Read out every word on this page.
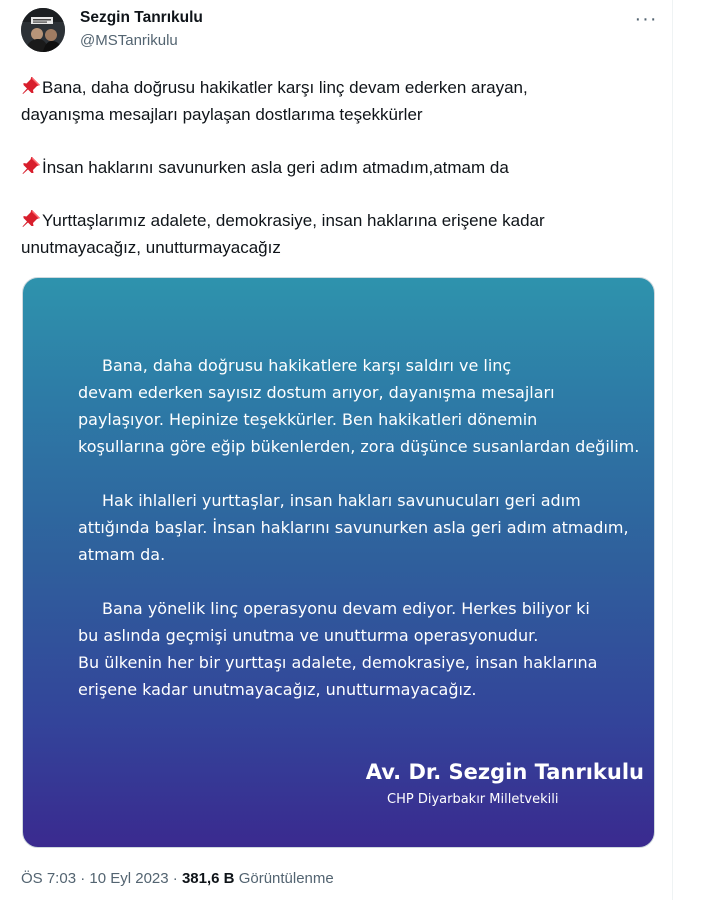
Sezgin Tanrıkulu
@MSTanrikulu
···

Bana, daha doğrusu hakikatler karşı linç devam ederken arayan,
dayanışma mesajları paylaşan dostlarıma teşekkürler

İnsan haklarını savunurken asla geri adım atmadım,atmam da

Yurttaşlarımız adalete, demokrasiye, insan haklarına erişene kadar
unutmayacağız, unutturmayacağız

Bana, daha doğrusu hakikatlere karşı saldırı ve linç
devam ederken sayısız dostum arıyor, dayanışma mesajları
paylaşıyor. Hepinize teşekkürler. Ben hakikatleri dönemin
koşullarına göre eğip bükenlerden, zora düşünce susanlardan değilim.

Hak ihlalleri yurttaşlar, insan hakları savunucuları geri adım
attığında başlar. İnsan haklarını savunurken asla geri adım atmadım,
atmam da.

Bana yönelik linç operasyonu devam ediyor. Herkes biliyor ki
bu aslında geçmişi unutma ve unutturma operasyonudur.
Bu ülkenin her bir yurttaşı adalete, demokrasiye, insan haklarına
erişene kadar unutmayacağız, unutturmayacağız.

Av. Dr. Sezgin Tanrıkulu
CHP Diyarbakır Milletvekili
ÖS 7:03 · 10 Eyl 2023 · 381,6 B Görüntülenme
